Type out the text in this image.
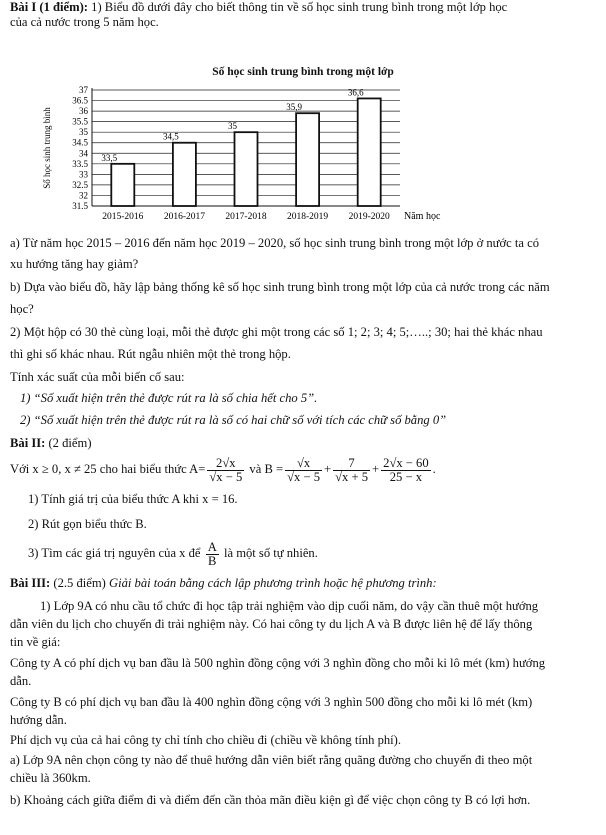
Bài I (1 điểm): 1) Biểu đồ dưới đây cho biết thông tin về số học sinh trung bình trong một lớp học
của cả nước trong 5 năm học.
Số học sinh trung bình trong một lớp
31.5
32
32.5
33
33.5
34
34.5
35
35.5
36
36.5
37
33,5
34,5
35
35,9
36,6
2015-2016 2016-2017 2017-2018 2018-2019 2019-2020
Số học sinh trung bình
Năm học
a) Từ năm học 2015 – 2016 đến năm học 2019 – 2020, số học sinh trung bình trong một lớp ở nước ta có
xu hướng tăng hay giảm?
b) Dựa vào biểu đồ, hãy lập bảng thống kê số học sinh trung bình trong một lớp của cả nước trong các năm
học?
2) Một hộp có 30 thẻ cùng loại, mỗi thẻ được ghi một trong các số 1; 2; 3; 4; 5;…..; 30; hai thẻ khác nhau
thì ghi số khác nhau. Rút ngẫu nhiên một thẻ trong hộp.
Tính xác suất của mỗi biến cố sau:
1) “Số xuất hiện trên thẻ được rút ra là số chia hết cho 5”.
2) “Số xuất hiện trên thẻ được rút ra là số có hai chữ số với tích các chữ số bằng 0”
Bài II: (2 điểm)
Với x ≥ 0, x ≠ 25 cho hai biểu thức $A= \frac{2√x}{√x - 5}$ và $B = \frac{√x}{√x - 5} + \frac{7}{√x + 5} + \frac{2√x - 60}{25 - x}$ .
1) Tính giá trị của biểu thức A khi x = 16.
2) Rút gọn biểu thức B.
3) Tìm các giá trị nguyên của x để $\frac{A}{B}$ là một số tự nhiên.
Bài III: (2.5 điểm) Giải bài toán bằng cách lập phương trình hoặc hệ phương trình:
1) Lớp 9A có nhu cầu tổ chức đi học tập trải nghiệm vào dịp cuối năm, do vậy cần thuê một hướng
dẫn viên du lịch cho chuyến đi trải nghiệm này. Có hai công ty du lịch A và B được liên hệ để lấy thông
tin về giá:
Công ty A có phí dịch vụ ban đầu là 500 nghìn đồng cộng với 3 nghìn đồng cho mỗi ki lô mét (km) hướng
dẫn.
Công ty B có phí dịch vụ ban đầu là 400 nghìn đồng cộng với 3 nghìn 500 đồng cho mỗi ki lô mét (km)
hướng dẫn.
Phí dịch vụ của cả hai công ty chỉ tính cho chiều đi (chiều về không tính phí).
a) Lớp 9A nên chọn công ty nào để thuê hướng dẫn viên biết rằng quãng đường cho chuyến đi theo một
chiều là 360km.
b) Khoảng cách giữa điểm đi và điểm đến cần thỏa mãn điều kiện gì để việc chọn công ty B có lợi hơn.
